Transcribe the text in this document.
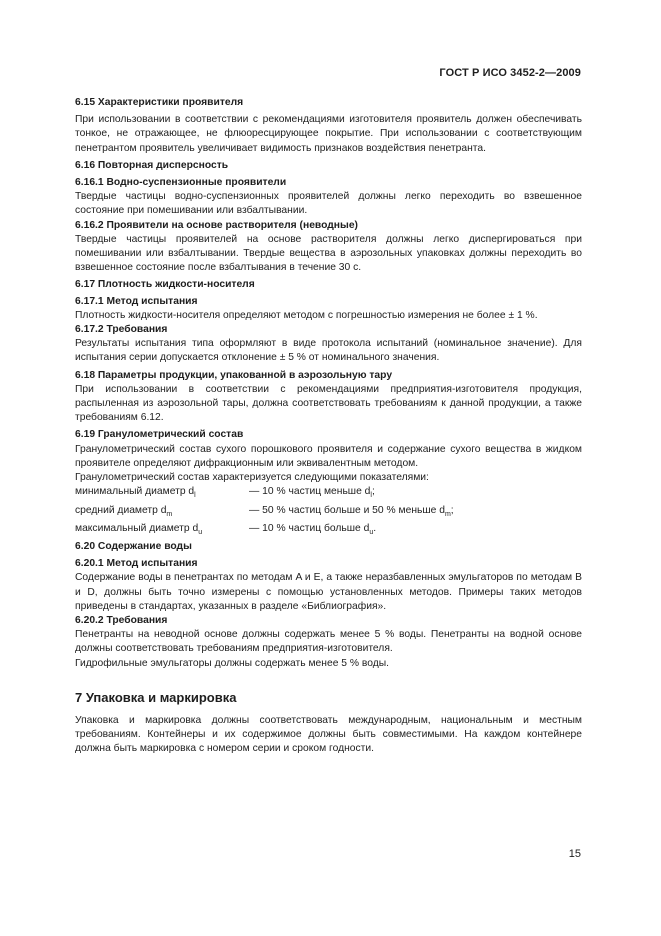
ГОСТ Р ИСО 3452-2—2009
6.15 Характеристики проявителя
При использовании в соответствии с рекомендациями изготовителя проявитель должен обеспечивать тонкое, не отражающее, не флюоресцирующее покрытие. При использовании с соответствующим пенетрантом проявитель увеличивает видимость признаков воздействия пенетранта.
6.16 Повторная дисперсность
6.16.1 Водно-суспензионные проявители
Твердые частицы водно-суспензионных проявителей должны легко переходить во взвешенное состояние при помешивании или взбалтывании.
6.16.2 Проявители на основе растворителя (неводные)
Твердые частицы проявителей на основе растворителя должны легко диспергироваться при помешивании или взбалтывании. Твердые вещества в аэрозольных упаковках должны переходить во взвешенное состояние после взбалтывания в течение 30 с.
6.17 Плотность жидкости-носителя
6.17.1 Метод испытания
Плотность жидкости-носителя определяют методом с погрешностью измерения не более ± 1 %.
6.17.2 Требования
Результаты испытания типа оформляют в виде протокола испытаний (номинальное значение). Для испытания серии допускается отклонение ± 5 % от номинального значения.
6.18 Параметры продукции, упакованной в аэрозольную тару
При использовании в соответствии с рекомендациями предприятия-изготовителя продукция, распыленная из аэрозольной тары, должна соответствовать требованиям к данной продукции, а также требованиям 6.12.
6.19 Гранулометрический состав
Гранулометрический состав сухого порошкового проявителя и содержание сухого вещества в жидком проявителе определяют дифракционным или эквивалентным методом.
Гранулометрический состав характеризуется следующими показателями:
минимальный диаметр $d_l$	— 10 % частиц меньше $d_l$;
средний диаметр $d_m$	— 50 % частиц больше и 50 % меньше $d_m$;
максимальный диаметр $d_u$	— 10 % частиц больше $d_u$.
6.20 Содержание воды
6.20.1 Метод испытания
Содержание воды в пенетрантах по методам A и E, а также неразбавленных эмульгаторов по методам B и D, должны быть точно измерены с помощью установленных методов. Примеры таких методов приведены в стандартах, указанных в разделе «Библиография».
6.20.2 Требования
Пенетранты на неводной основе должны содержать менее 5 % воды. Пенетранты на водной основе должны соответствовать требованиям предприятия-изготовителя.
Гидрофильные эмульгаторы должны содержать менее 5 % воды.
7 Упаковка и маркировка
Упаковка и маркировка должны соответствовать международным, национальным и местным требованиям. Контейнеры и их содержимое должны быть совместимыми. На каждом контейнере должна быть маркировка с номером серии и сроком годности.
15
